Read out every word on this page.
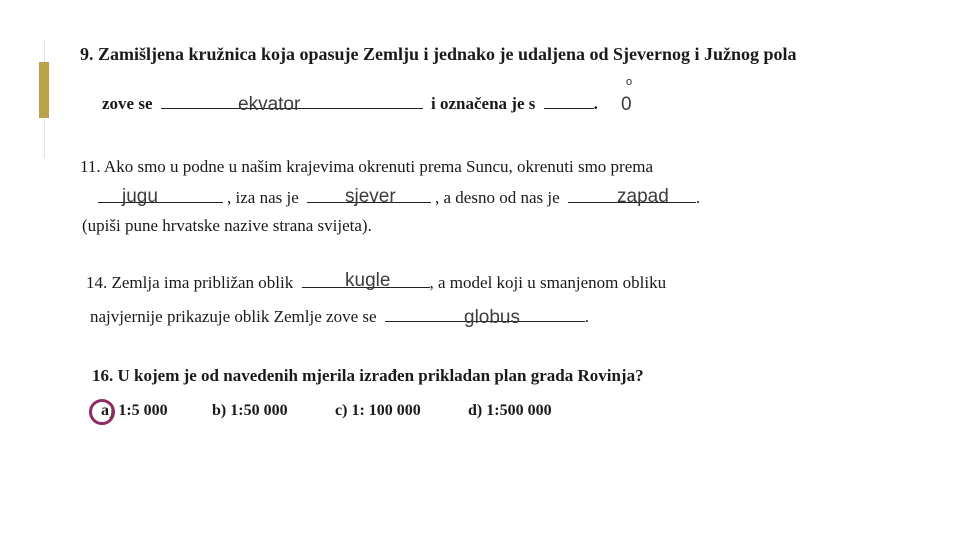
9. Zamišljena kružnica koja opasuje Zemlju i jednako je udaljena od Sjevernog i Južnog pola
zove se	i označena je s	.
ekvator	0
o
11. Ako smo u podne u našim krajevima okrenuti prema Suncu, okrenuti smo prema
, iza nas je	, a desno od nas je	.
jugu	sjever	zapad
(upiši pune hrvatske nazive strana svijeta).
14. Zemlja ima približan oblik	, a model koji u smanjenom obliku
kugle
najvjernije prikazuje oblik Zemlje zove se	.
globus
16. U kojem je od navedenih mjerila izrađen prikladan plan grada Rovinja?
a) 1:5 000	b) 1:50 000	c) 1: 100 000	d) 1:500 000
